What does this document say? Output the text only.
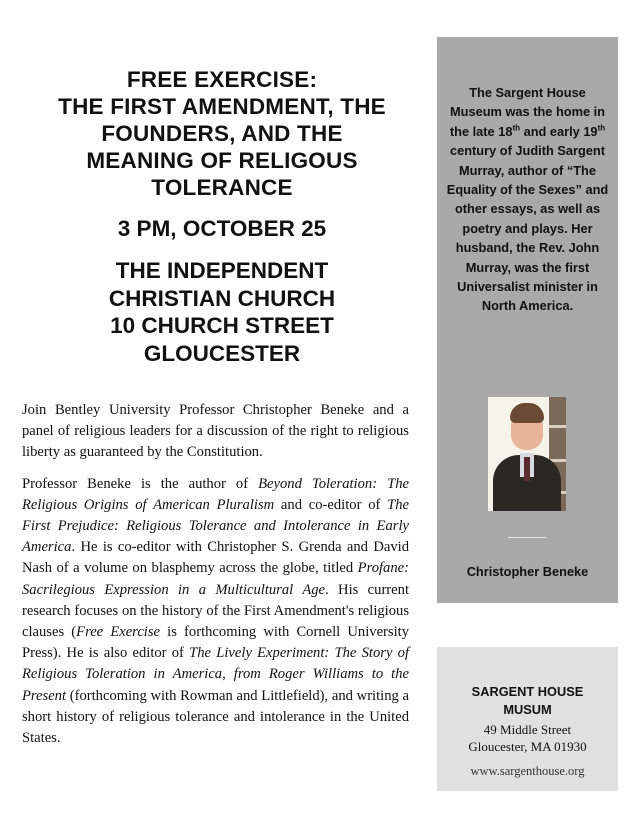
FREE EXERCISE:
THE FIRST AMENDMENT, THE
FOUNDERS, AND THE
MEANING OF RELIGOUS
TOLERANCE
3 PM, OCTOBER 25
THE INDEPENDENT
CHRISTIAN CHURCH
10 CHURCH STREET
GLOUCESTER

Join Bentley University Professor Christopher Beneke and a panel of religious leaders for a discussion of the right to religious liberty as guaranteed by the Constitution.

Professor Beneke is the author of Beyond Toleration: The Religious Origins of American Pluralism and co-editor of The First Prejudice: Religious Tolerance and Intolerance in Early America. He is co-editor with Christopher S. Grenda and David Nash of a volume on blasphemy across the globe, titled Profane: Sacrilegious Expression in a Multicultural Age. His current research focuses on the history of the First Amendment's religious clauses (Free Exercise is forthcoming with Cornell University Press). He is also editor of The Lively Experiment: The Story of Religious Toleration in America, from Roger Williams to the Present (forthcoming with Rowman and Littlefield), and writing a short history of religious tolerance and intolerance in the United States.

The Sargent House Museum was the home in the late 18th and early 19th century of Judith Sargent Murray, author of “The Equality of the Sexes” and other essays, as well as poetry and plays. Her husband, the Rev. John Murray, was the first Universalist minister in North America.
Christopher Beneke
SARGENT HOUSE
MUSUM
49 Middle Street
Gloucester, MA 01930
www.sargenthouse.org
